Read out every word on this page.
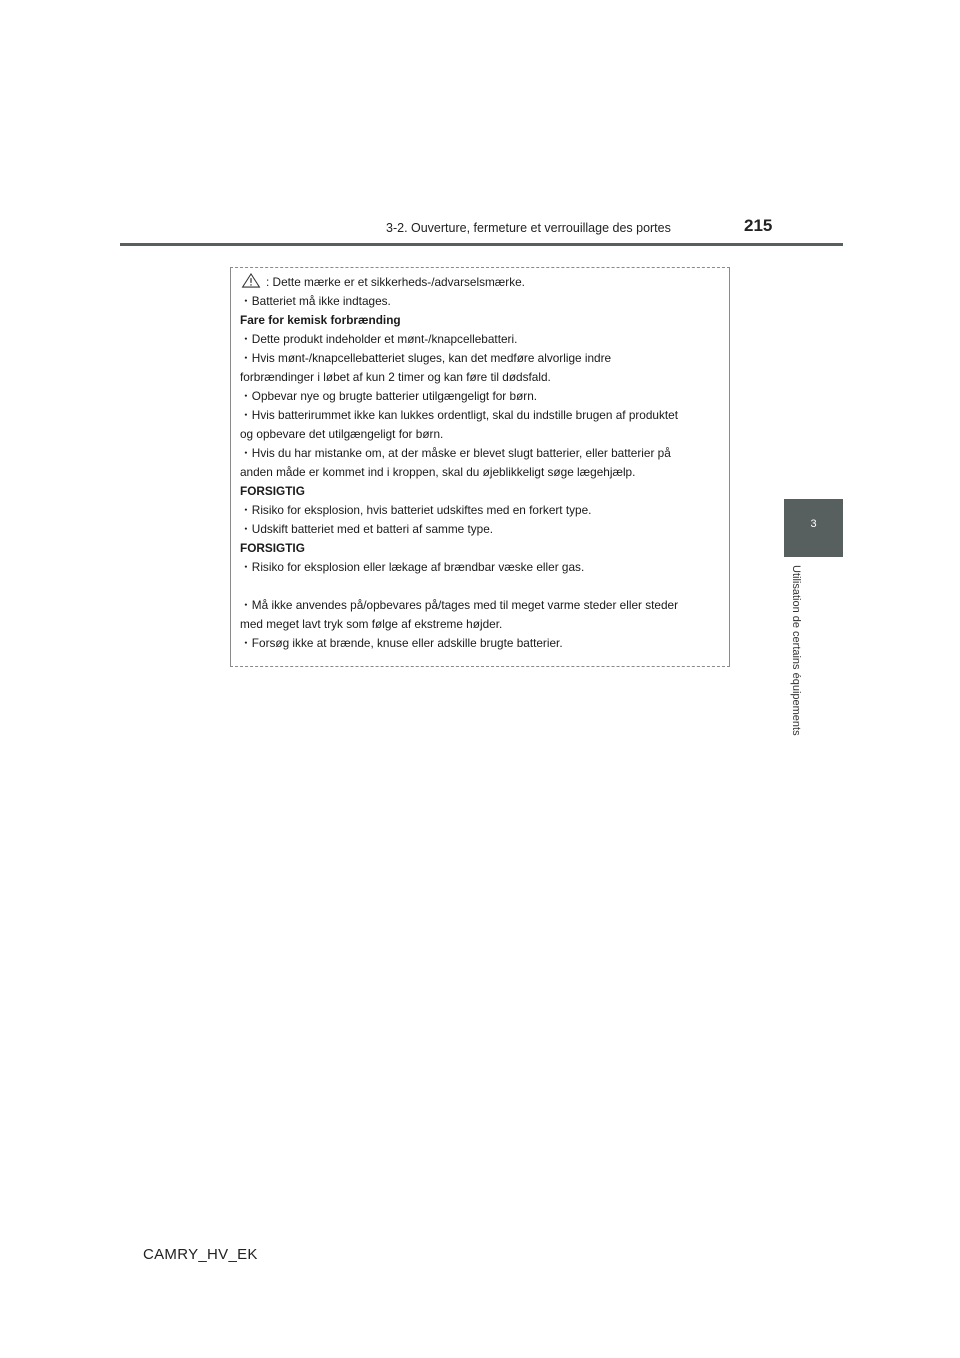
3-2. Ouverture, fermeture et verrouillage des portes	215
3
Utilisation de certains équipements
: Dette mærke er et sikkerheds-/advarselsmærke.
・Batteriet må ikke indtages.
Fare for kemisk forbrænding
・Dette produkt indeholder et mønt-/knapcellebatteri.
・Hvis mønt-/knapcellebatteriet sluges, kan det medføre alvorlige indre
forbrændinger i løbet af kun 2 timer og kan føre til dødsfald.
・Opbevar nye og brugte batterier utilgængeligt for børn.
・Hvis batterirummet ikke kan lukkes ordentligt, skal du indstille brugen af produktet
og opbevare det utilgængeligt for børn.
・Hvis du har mistanke om, at der måske er blevet slugt batterier, eller batterier på
anden måde er kommet ind i kroppen, skal du øjeblikkeligt søge lægehjælp.
FORSIGTIG
・Risiko for eksplosion, hvis batteriet udskiftes med en forkert type.
・Udskift batteriet med et batteri af samme type.
FORSIGTIG
・Risiko for eksplosion eller lækage af brændbar væske eller gas.
・Må ikke anvendes på/opbevares på/tages med til meget varme steder eller steder
med meget lavt tryk som følge af ekstreme højder.
・Forsøg ikke at brænde, knuse eller adskille brugte batterier.
CAMRY_HV_EK
